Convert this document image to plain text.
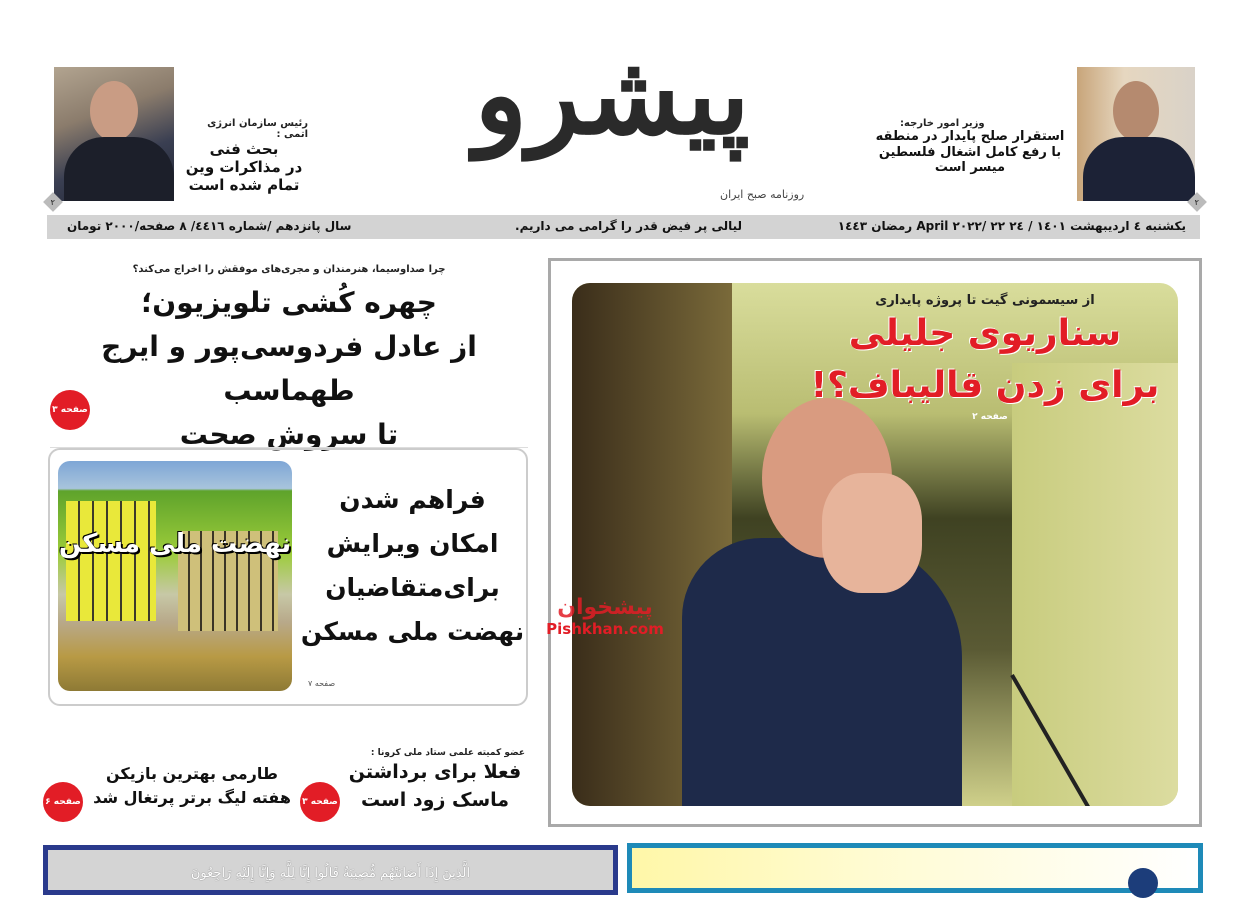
پیشرو
روزنامه صبح ایران
۲
رئیس سازمان انرژی اتمی :
بحث فنی
در مذاکرات وین
تمام شده است
۲
وزیر امور خارجه:
استقرار صلح پایدار در منطقه
با رفع کامل اشغال فلسطین
میسر است
یکشنبه ٤ اردیبهشت ۱٤۰۱ / ٢٤ April ۲۰۲۲/ ۲۲ رمضان ١٤٤٣
لیالی پر فیض قدر را گرامی می داریم.
سال پانزدهم /شماره ٤٤١٦/ ٨ صفحه/۲۰۰۰ تومان
چرا صداوسیما، هنرمندان و مجری‌های موفقش را اخراج می‌کند؟
چهره کُشی تلویزیون؛
از عادل فردوسی‌پور و ایرج طهماسب
تا سروش صحت
صفحه ۳
نهضت ملی مسکن
فراهم شدن
امکان ویرایش
برای‌متقاضیان
نهضت ملی مسکن
صفحه ۷
از سیسمونی گیت تا پروژه پایداری
سناریوی جلیلی
برای زدن قالیباف؟!
صفحه ۲
پیشخوان
Pishkhan.com
عضو کمیته علمی ستاد ملی کرونا :
فعلا برای برداشتن
ماسک زود است
صفحه ۳
طارمی بهترین بازیکن
هفته لیگ برتر پرتغال شد
صفحه ۶
الَّذِينَ إِذَا أَصَابَتْهُم مُّصِيبَةٌ قَالُوا إِنَّا لِلَّهِ وَإِنَّا إِلَيْهِ رَاجِعُونَ
